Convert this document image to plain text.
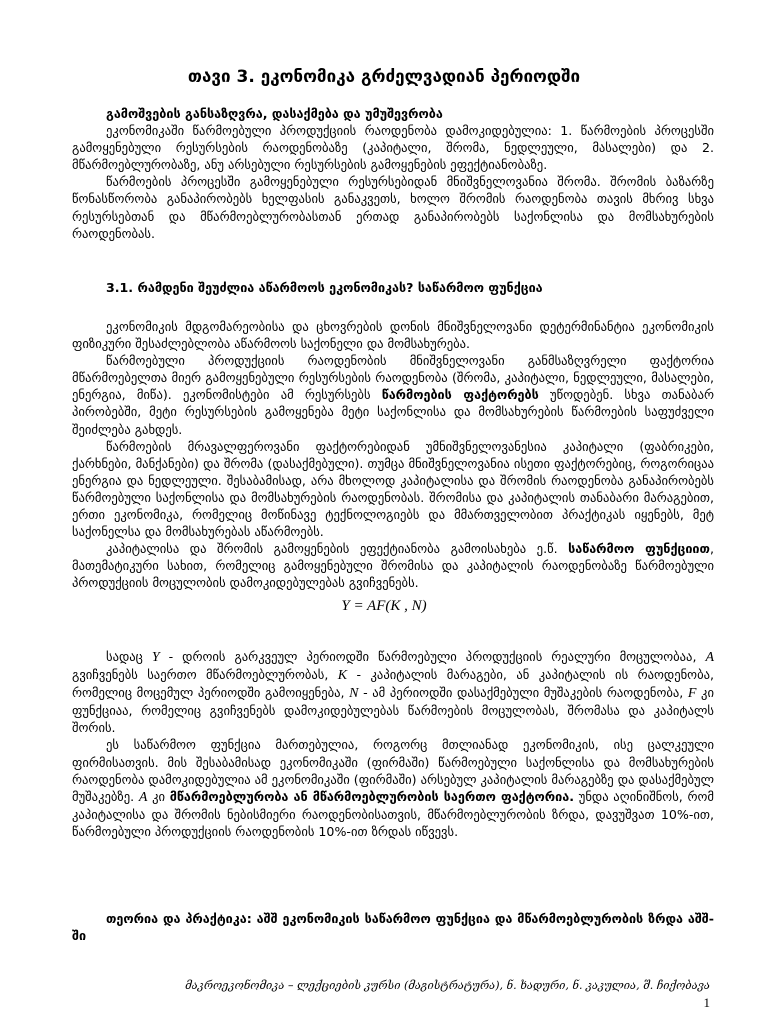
თავი 3. ეკონომიკა გრძელვადიან პერიოდში

გამოშვების განსაზღვრა, დასაქმება და უმუშევრობა

ეკონომიკაში წარმოებული პროდუქციის რაოდენობა დამოკიდებულია: 1. წარმოების პროცესში გამოყენებული რესურსების რაოდენობაზე (კაპიტალი, შრომა, ნედლეული, მასალები) და 2. მწარმოებლურობაზე, ანუ არსებული რესურსების გამოყენების ეფექტიანობაზე.

წარმოების პროცესში გამოყენებული რესურსებიდან მნიშვნელოვანია შრომა. შრომის ბაზარზე წონასწორობა განაპირობებს ხელფასის განაკვეთს, ხოლო შრომის რაოდენობა თავის მხრივ სხვა რესურსებთან და მწარმოებლურობასთან ერთად განაპირობებს საქონლისა და მომსახურების რაოდენობას.

3.1. რამდენი შეუძლია აწარმოოს ეკონომიკას? საწარმოო ფუნქცია

ეკონომიკის მდგომარეობისა და ცხოვრების დონის მნიშვნელოვანი დეტერმინანტია ეკონომიკის ფიზიკური შესაძლებლობა აწარმოოს საქონელი და მომსახურება.

წარმოებული პროდუქციის რაოდენობის მნიშვნელოვანი განმსაზღვრელი ფაქტორია მწარმოებელთა მიერ გამოყენებული რესურსების რაოდენობა (შრომა, კაპიტალი, ნედლეული, მასალები, ენერგია, მიწა). ეკონომისტები ამ რესურსებს წარმოების ფაქტორებს უწოდებენ. სხვა თანაბარ პირობებში, მეტი რესურსების გამოყენება მეტი საქონლისა და მომსახურების წარმოების საფუძველი შეიძლება გახდეს.

წარმოების მრავალფეროვანი ფაქტორებიდან უმნიშვნელოვანესია კაპიტალი (ფაბრიკები, ქარხნები, მანქანები) და შრომა (დასაქმებული). თუმცა მნიშვნელოვანია ისეთი ფაქტორებიც, როგორიცაა ენერგია და ნედლეული. შესაბამისად, არა მხოლოდ კაპიტალისა და შრომის რაოდენობა განაპირობებს წარმოებული საქონლისა და მომსახურების რაოდენობას. შრომისა და კაპიტალის თანაბარი მარაგებით, ერთი ეკონომიკა, რომელიც მოწინავე ტექნოლოგიებს და მმართველობით პრაქტიკას იყენებს, მეტ საქონელსა და მომსახურებას აწარმოებს.

კაპიტალისა და შრომის გამოყენების ეფექტიანობა გამოისახება ე.წ. საწარმოო ფუნქციით, მათემატიკური სახით, რომელიც გამოყენებული შრომისა და კაპიტალის რაოდენობაზე წარმოებული პროდუქციის მოცულობის დამოკიდებულებას გვიჩვენებს.

Y = AF(K , N)

სადაც Y - დროის გარკვეულ პერიოდში წარმოებული პროდუქციის რეალური მოცულობაა, A გვიჩვენებს საერთო მწარმოებლურობას, K - კაპიტალის მარაგები, ან კაპიტალის ის რაოდენობა, რომელიც მოცემულ პერიოდში გამოიყენება, N - ამ პერიოდში დასაქმებული მუშაკების რაოდენობა, F კი ფუნქციაა, რომელიც გვიჩვენებს დამოკიდებულებას წარმოების მოცულობას, შრომასა და კაპიტალს შორის.

ეს საწარმოო ფუნქცია მართებულია, როგორც მთლიანად ეკონომიკის, ისე ცალკეული ფირმისათვის. მის შესაბამისად ეკონომიკაში (ფირმაში) წარმოებული საქონლისა და მომსახურების რაოდენობა დამოკიდებულია ამ ეკონომიკაში (ფირმაში) არსებულ კაპიტალის მარაგებზე და დასაქმებულ მუშაკებზე. A კი მწარმოებლურობა ან მწარმოებლურობის საერთო ფაქტორია. უნდა აღინიშნოს, რომ კაპიტალისა და შრომის ნებისმიერი რაოდენობისათვის, მწარმოებლურობის ზრდა, დავუშვათ 10%-ით, წარმოებული პროდუქციის რაოდენობის 10%-ით ზრდას იწვევს.

თეორია და პრაქტიკა: აშშ ეკონომიკის საწარმოო ფუნქცია და მწარმოებლურობის ზრდა აშშ-ში

მაკროეკონომიკა – ლექციების კურსი (მაგისტრატურა), ნ. ხადური, ნ. კაკულია, შ. ჩიქობავა
1
